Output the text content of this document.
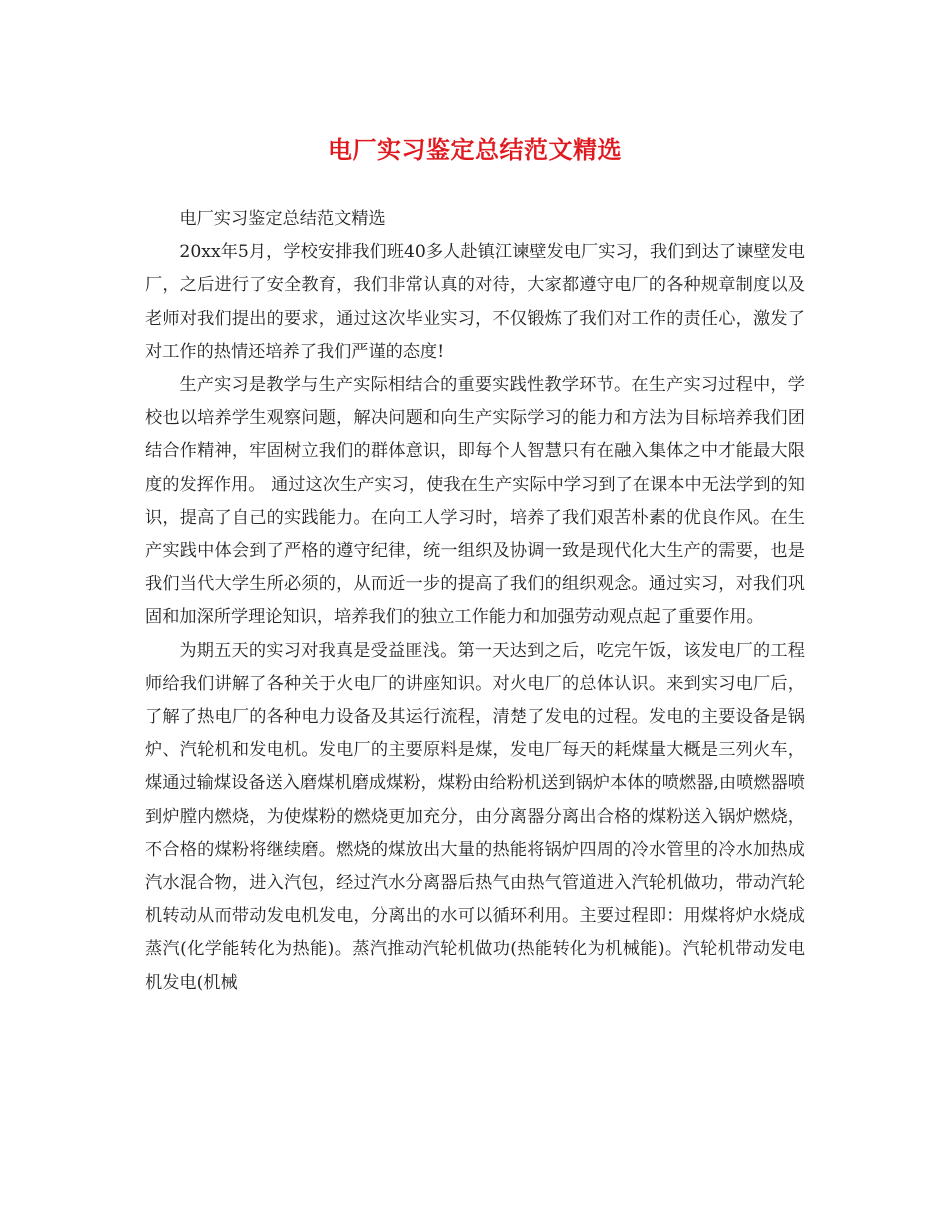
电厂实习鉴定总结范文精选

电厂实习鉴定总结范文精选

20xx年5月，学校安排我们班40多人赴镇江谏壁发电厂实习，我们到达了谏壁发电厂，之后进行了安全教育，我们非常认真的对待，大家都遵守电厂的各种规章制度以及老师对我们提出的要求，通过这次毕业实习，不仅锻炼了我们对工作的责任心，激发了对工作的热情还培养了我们严谨的态度!

生产实习是教学与生产实际相结合的重要实践性教学环节。在生产实习过程中，学校也以培养学生观察问题，解决问题和向生产实际学习的能力和方法为目标培养我们团结合作精神，牢固树立我们的群体意识，即每个人智慧只有在融入集体之中才能最大限度的发挥作用。 通过这次生产实习，使我在生产实际中学习到了在课本中无法学到的知识，提高了自己的实践能力。在向工人学习时，培养了我们艰苦朴素的优良作风。在生产实践中体会到了严格的遵守纪律，统一组织及协调一致是现代化大生产的需要，也是我们当代大学生所必须的，从而近一步的提高了我们的组织观念。通过实习，对我们巩固和加深所学理论知识，培养我们的独立工作能力和加强劳动观点起了重要作用。

为期五天的实习对我真是受益匪浅。第一天达到之后，吃完午饭，该发电厂的工程师给我们讲解了各种关于火电厂的讲座知识。对火电厂的总体认识。来到实习电厂后，了解了热电厂的各种电力设备及其运行流程，清楚了发电的过程。发电的主要设备是锅炉、汽轮机和发电机。发电厂的主要原料是煤，发电厂每天的耗煤量大概是三列火车，煤通过输煤设备送入磨煤机磨成煤粉，煤粉由给粉机送到锅炉本体的喷燃器,由喷燃器喷到炉膛内燃烧，为使煤粉的燃烧更加充分，由分离器分离出合格的煤粉送入锅炉燃烧，不合格的煤粉将继续磨。燃烧的煤放出大量的热能将锅炉四周的冷水管里的冷水加热成汽水混合物，进入汽包，经过汽水分离器后热气由热气管道进入汽轮机做功，带动汽轮机转动从而带动发电机发电，分离出的水可以循环利用。主要过程即：用煤将炉水烧成蒸汽(化学能转化为热能)。蒸汽推动汽轮机做功(热能转化为机械能)。汽轮机带动发电机发电(机械
